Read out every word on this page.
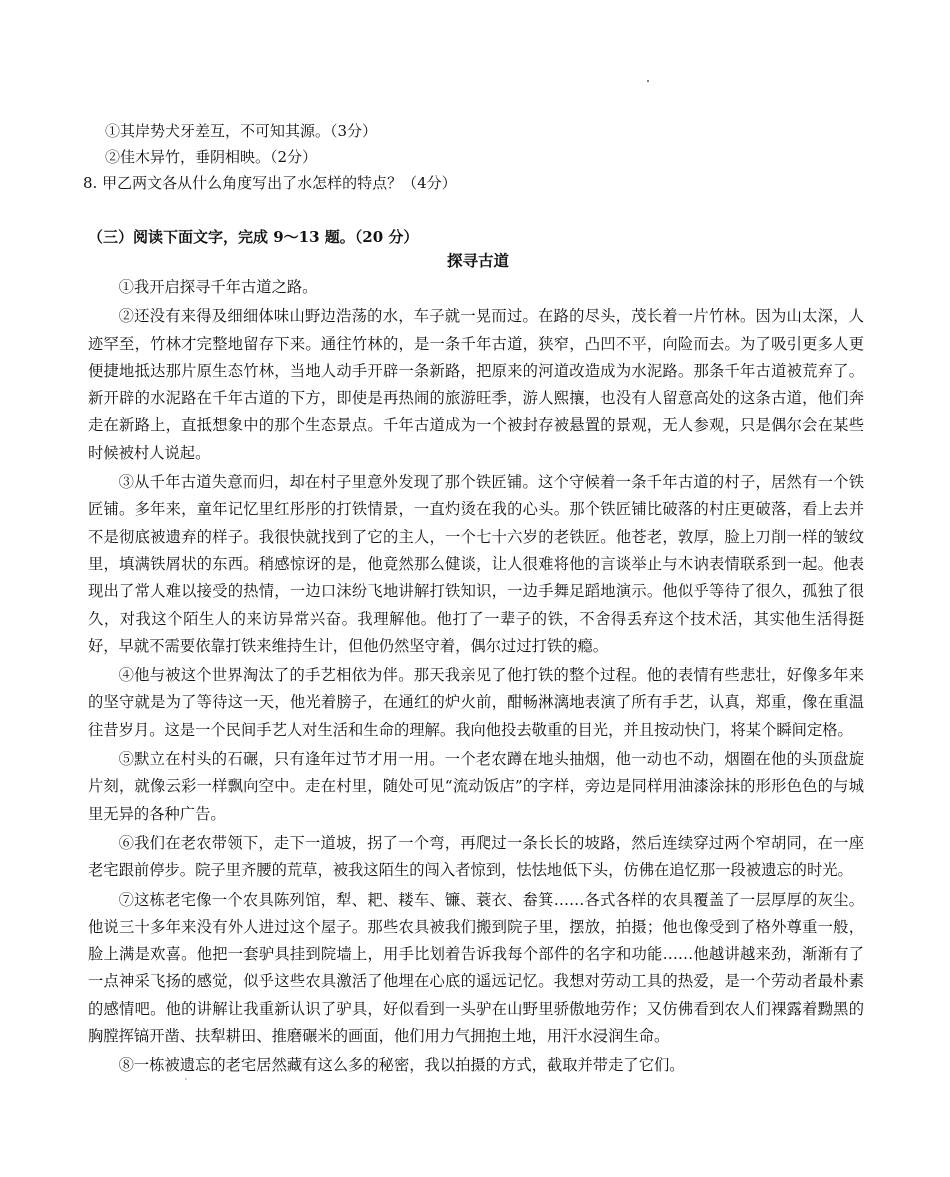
①其岸势犬牙差互，不可知其源。（3分）
②佳木异竹，垂阴相映。（2分）
8. 甲乙两文各从什么角度写出了水怎样的特点？（4分）
（三）阅读下面文字，完成 9～13 题。（20 分）
探寻古道

①我开启探寻千年古道之路。

②还没有来得及细细体味山野边浩荡的水，车子就一晃而过。在路的尽头，茂长着一片竹林。因为山太深，人迹罕至，竹林才完整地留存下来。通往竹林的，是一条千年古道，狭窄，凸凹不平，向险而去。为了吸引更多人更便捷地抵达那片原生态竹林，当地人动手开辟一条新路，把原来的河道改造成为水泥路。那条千年古道被荒弃了。新开辟的水泥路在千年古道的下方，即使是再热闹的旅游旺季，游人熙攘，也没有人留意高处的这条古道，他们奔走在新路上，直抵想象中的那个生态景点。千年古道成为一个被封存被悬置的景观，无人参观，只是偶尔会在某些时候被村人说起。

③从千年古道失意而归，却在村子里意外发现了那个铁匠铺。这个守候着一条千年古道的村子，居然有一个铁匠铺。多年来，童年记忆里红彤彤的打铁情景，一直灼烫在我的心头。那个铁匠铺比破落的村庄更破落，看上去并不是彻底被遗弃的样子。我很快就找到了它的主人，一个七十六岁的老铁匠。他苍老，敦厚，脸上刀削一样的皱纹里，填满铁屑状的东西。稍感惊讶的是，他竟然那么健谈，让人很难将他的言谈举止与木讷表情联系到一起。他表现出了常人难以接受的热情，一边口沫纷飞地讲解打铁知识，一边手舞足蹈地演示。他似乎等待了很久，孤独了很久，对我这个陌生人的来访异常兴奋。我理解他。他打了一辈子的铁，不舍得丢弃这个技术活，其实他生活得挺好，早就不需要依靠打铁来维持生计，但他仍然坚守着，偶尔过过打铁的瘾。

④他与被这个世界淘汰了的手艺相依为伴。那天我亲见了他打铁的整个过程。他的表情有些悲壮，好像多年来的坚守就是为了等待这一天，他光着膀子，在通红的炉火前，酣畅淋漓地表演了所有手艺，认真，郑重，像在重温往昔岁月。这是一个民间手艺人对生活和生命的理解。我向他投去敬重的目光，并且按动快门，将某个瞬间定格。

⑤默立在村头的石碾，只有逢年过节才用一用。一个老农蹲在地头抽烟，他一动也不动，烟圈在他的头顶盘旋片刻，就像云彩一样飘向空中。走在村里，随处可见“流动饭店”的字样，旁边是同样用油漆涂抹的形形色色的与城里无异的各种广告。

⑥我们在老农带领下，走下一道坡，拐了一个弯，再爬过一条长长的坡路，然后连续穿过两个窄胡同，在一座老宅跟前停步。院子里齐腰的荒草，被我这陌生的闯入者惊到，怯怯地低下头，仿佛在追忆那一段被遗忘的时光。

⑦这栋老宅像一个农具陈列馆，犁、耙、耧车、镰、蓑衣、畚箕……各式各样的农具覆盖了一层厚厚的灰尘。他说三十多年来没有外人进过这个屋子。那些农具被我们搬到院子里，摆放，拍摄；他也像受到了格外尊重一般，脸上满是欢喜。他把一套驴具挂到院墙上，用手比划着告诉我每个部件的名字和功能……他越讲越来劲，渐渐有了一点神采飞扬的感觉，似乎这些农具激活了他埋在心底的遥远记忆。我想对劳动工具的热爱，是一个劳动者最朴素的感情吧。他的讲解让我重新认识了驴具，好似看到一头驴在山野里骄傲地劳作；又仿佛看到农人们裸露着黝黑的胸膛挥镐开凿、扶犁耕田、推磨碾米的画面，他们用力气拥抱土地，用汗水浸润生命。

⑧一栋被遗忘的老宅居然藏有这么多的秘密，我以拍摄的方式，截取并带走了它们。
